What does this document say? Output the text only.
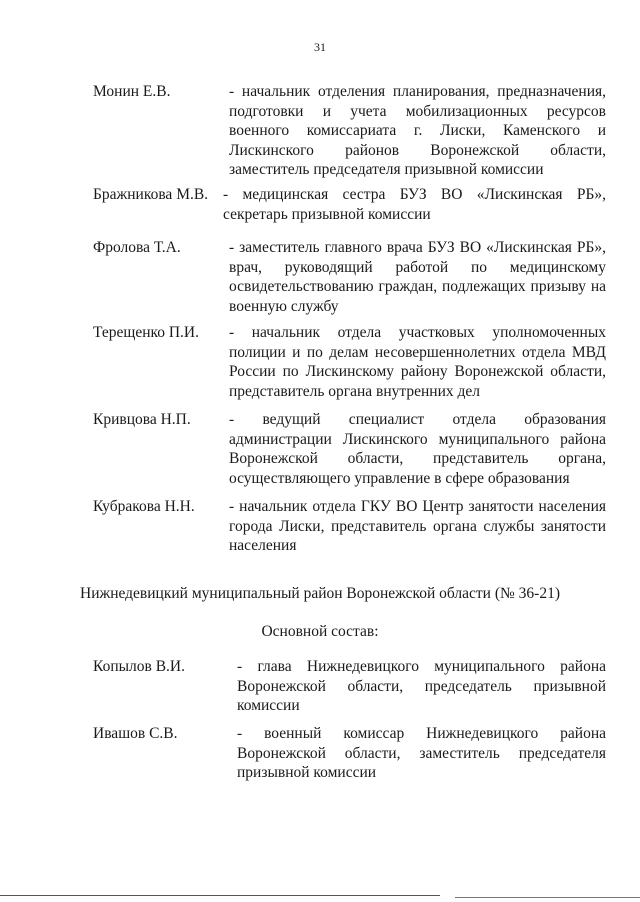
31
Монин Е.В.	- начальник отделения планирования, предназначения, подготовки и учета мобилизационных ресурсов военного комиссариата г. Лиски, Каменского и Лискинского районов Воронежской области, заместитель председателя призывной комиссии
Бражникова М.В. - медицинская сестра БУЗ ВО «Лискинская РБ», секретарь призывной комиссии
Фролова Т.А.	- заместитель главного врача БУЗ ВО «Лискинская РБ», врач, руководящий работой по медицинскому освидетельствованию граждан, подлежащих призыву на военную службу
Терещенко П.И. - начальник отдела участковых уполномоченных полиции и по делам несовершеннолетних отдела МВД России по Лискинскому району Воронежской области, представитель органа внутренних дел
Кривцова Н.П. - ведущий специалист отдела образования администрации Лискинского муниципального района Воронежской области, представитель органа, осуществляющего управление в сфере образования
Кубракова Н.Н. - начальник отдела ГКУ ВО Центр занятости населения города Лиски, представитель органа службы занятости населения
Нижнедевицкий муниципальный район Воронежской области (№ 36-21)
Основной состав:
Копылов В.И.	- глава Нижнедевицкого муниципального района Воронежской области, председатель призывной комиссии
Ивашов С.В.	- военный комиссар Нижнедевицкого района Воронежской области, заместитель председателя призывной комиссии
